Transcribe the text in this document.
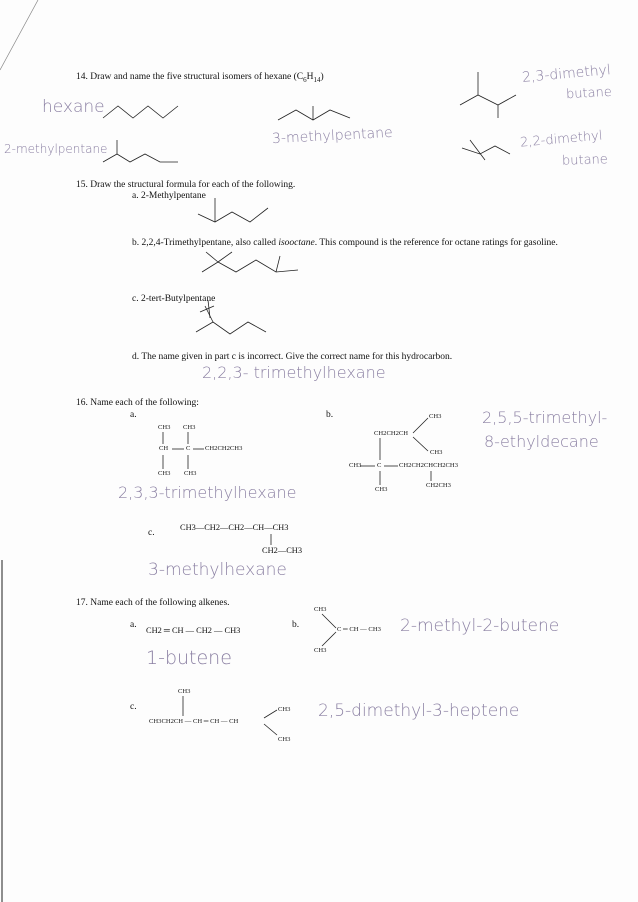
14. Draw and name the five structural isomers of hexane $(C_6H_{14})$
hexane
2-methylpentane
3-methylpentane
2,3-dimethyl
butane
2,2-dimethyl
butane
15. Draw the structural formula for each of the following.
a. 2-Methylpentane
b. 2,2,4-Trimethylpentane, also called isooctane. This compound is the reference for octane ratings for gasoline.
c. 2-tert-Butylpentane
d. The name given in part c is incorrect. Give the correct name for this hydrocarbon.
2,2,3- trimethylhexane
16. Name each of the following:
a.	b.
CH3 CH3
CH	C CH2CH2CH3
CH3 CH3
2,3,3-trimethylhexane
CH3
CH2CH2CH
CH3
CH3 C	CH2CH2CHCH2CH3
CH3
CH2CH3
2,5,5-trimethyl-
8-ethyldecane
c.
CH3—CH2—CH2—CH—CH3
CH2—CH3
3-methylhexane
17. Name each of the following alkenes.
a.
CH2 ═ CH — CH2 — CH3
1-butene
b.
CH3
CH3
C ═ CH — CH3 2-methyl-2-butene
c.
CH3
CH3CH2CH — CH ═ CH — CH
CH3
CH3
2,5-dimethyl-3-heptene
